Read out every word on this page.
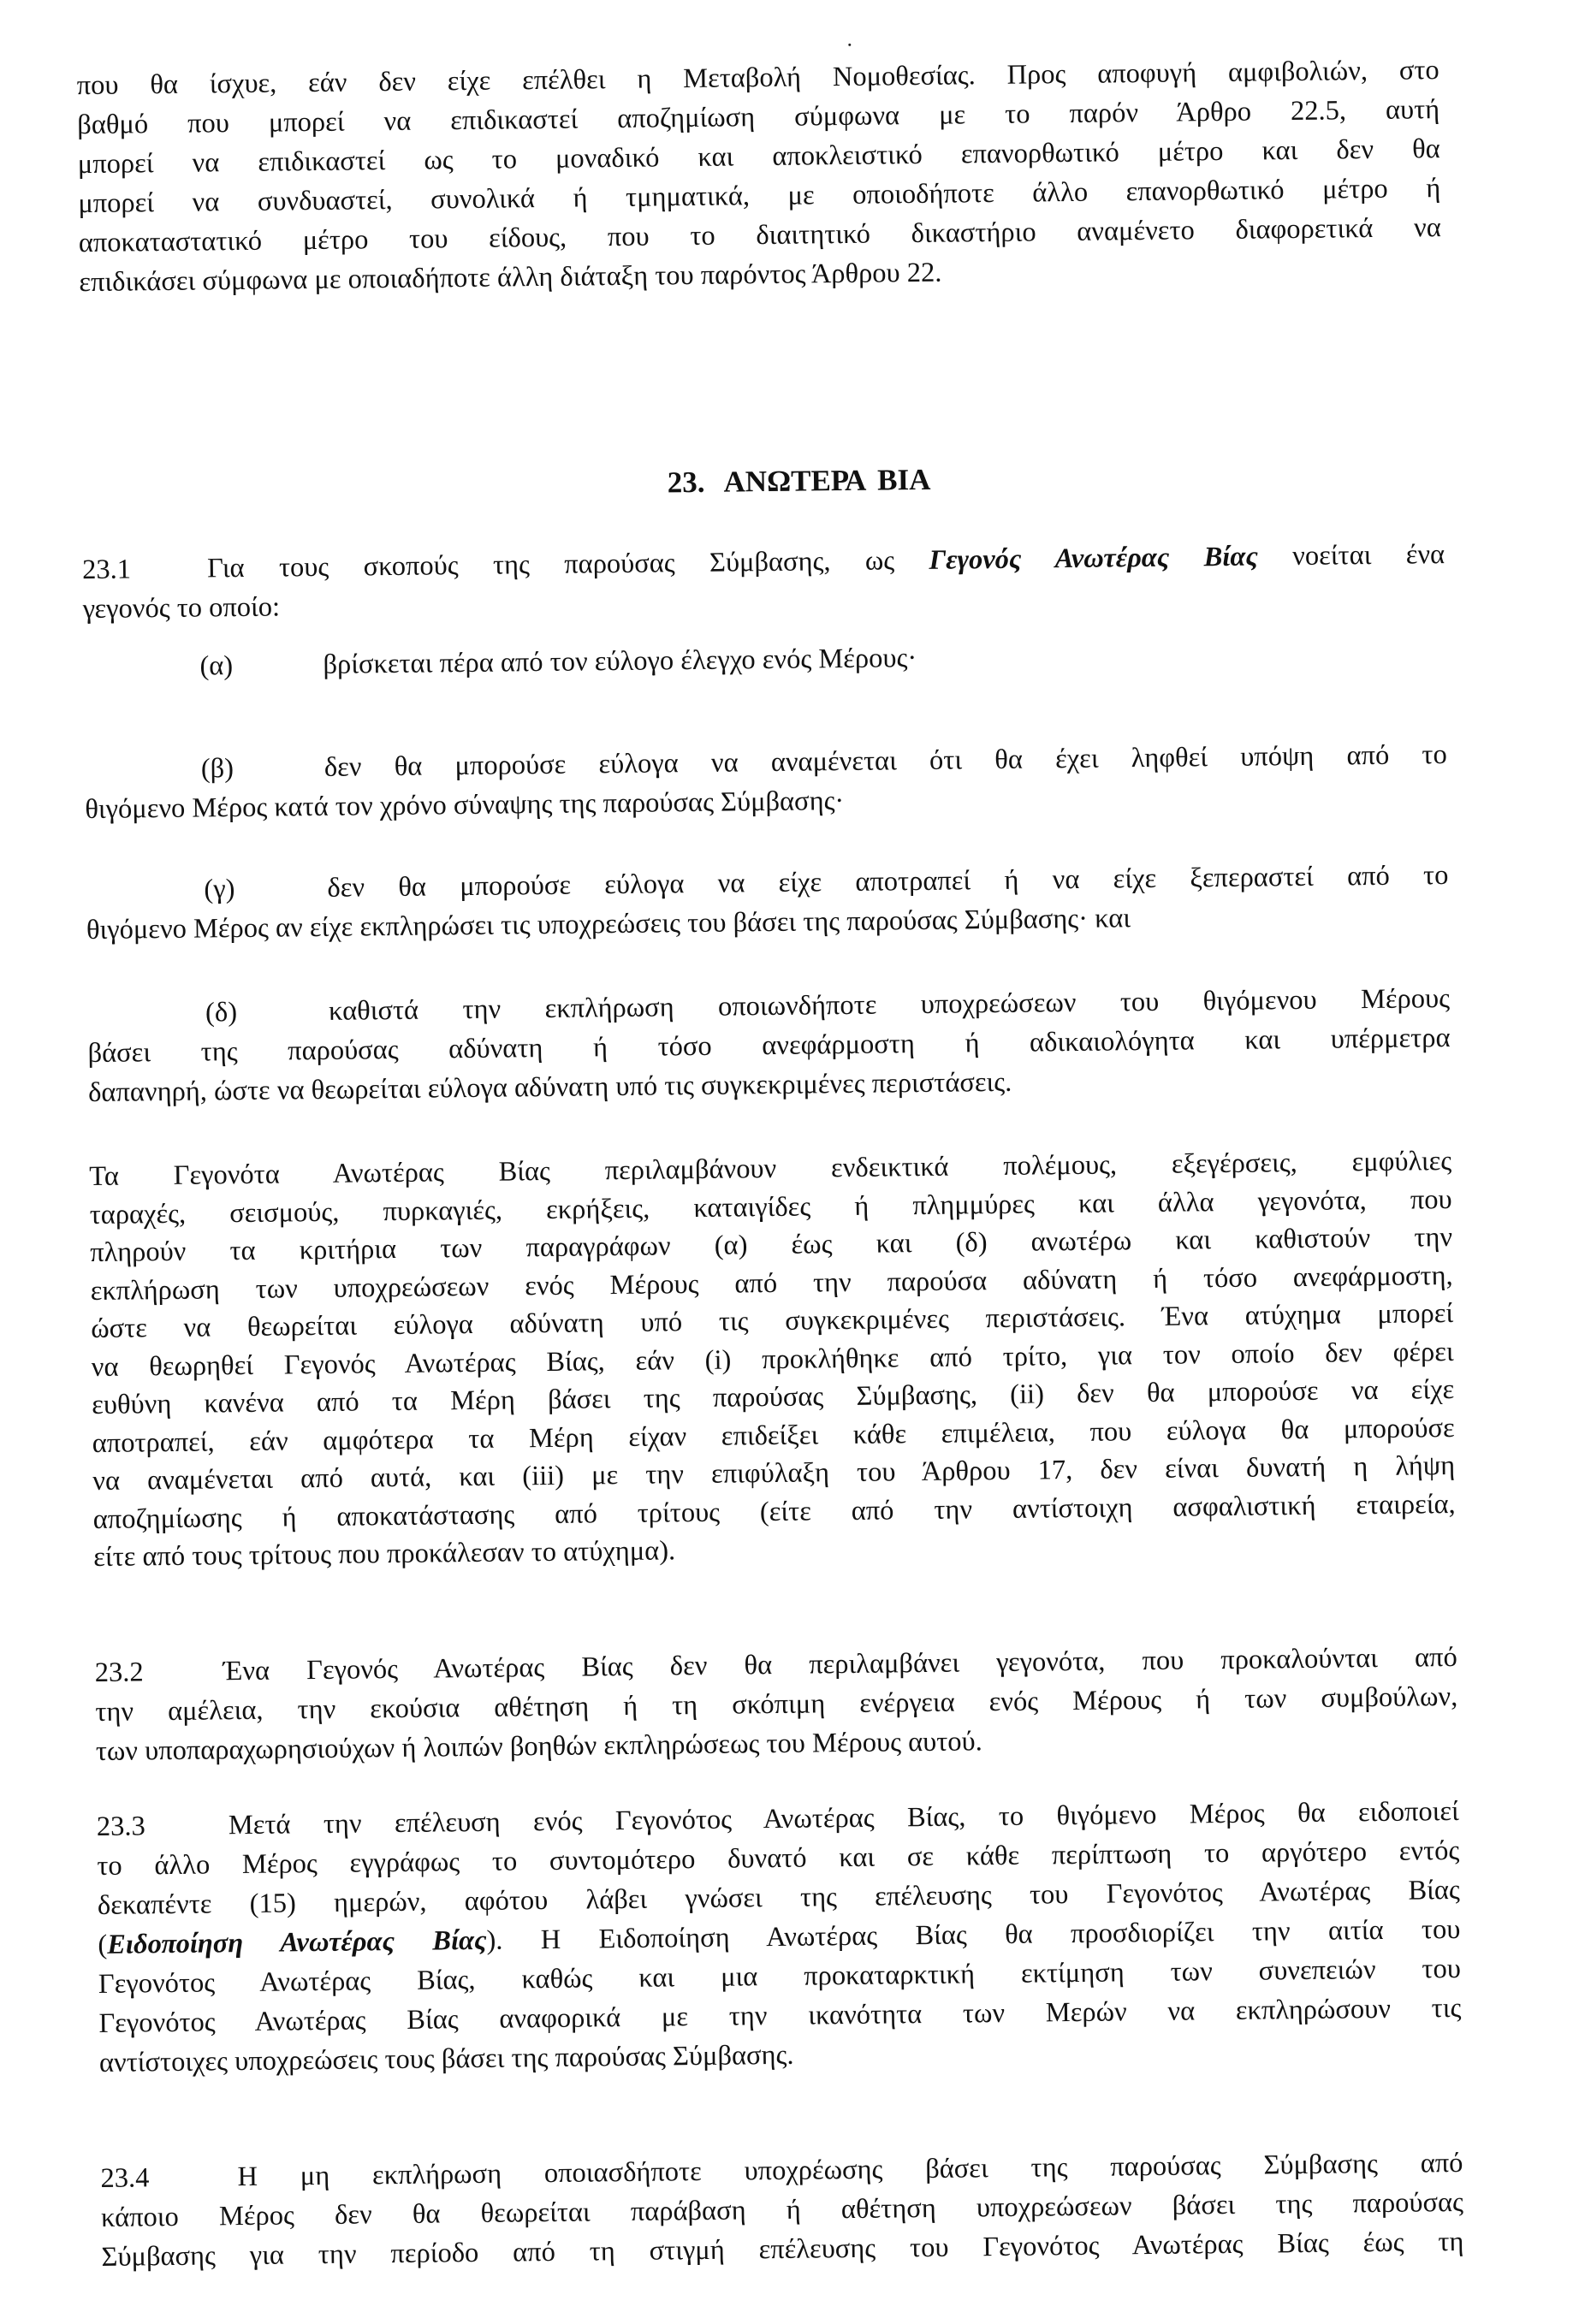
που θα ίσχυε, εάν δεν είχε επέλθει η Μεταβολή Νομοθεσίας. Προς αποφυγή αμφιβολιών, στο
βαθμό που μπορεί να επιδικαστεί αποζημίωση σύμφωνα με το παρόν Άρθρο 22.5, αυτή
μπορεί να επιδικαστεί ως το μοναδικό και αποκλειστικό επανορθωτικό μέτρο και δεν θα
μπορεί να συνδυαστεί, συνολικά ή τμηματικά, με οποιοδήποτε άλλο επανορθωτικό μέτρο ή
αποκαταστατικό μέτρο του είδους, που το διαιτητικό δικαστήριο αναμένετο διαφορετικά να
επιδικάσει σύμφωνα με οποιαδήποτε άλλη διάταξη του παρόντος Άρθρου 22.
23. ΑΝΩΤΕΡΑ ΒΙΑ
23.1	Για τους σκοπούς της παρούσας Σύμβασης, ως Γεγονός Ανωτέρας Βίας νοείται ένα
γεγονός το οποίο:
(α)	βρίσκεται πέρα από τον εύλογο έλεγχο ενός Μέρους·
(β)	δεν θα μπορούσε εύλογα να αναμένεται ότι θα έχει ληφθεί υπόψη από το
θιγόμενο Μέρος κατά τον χρόνο σύναψης της παρούσας Σύμβασης·
(γ)	δεν θα μπορούσε εύλογα να είχε αποτραπεί ή να είχε ξεπεραστεί από το
θιγόμενο Μέρος αν είχε εκπληρώσει τις υποχρεώσεις του βάσει της παρούσας Σύμβασης· και
(δ)	καθιστά την εκπλήρωση οποιωνδήποτε υποχρεώσεων του θιγόμενου Μέρους
βάσει της παρούσας αδύνατη ή τόσο ανεφάρμοστη ή αδικαιολόγητα και υπέρμετρα
δαπανηρή, ώστε να θεωρείται εύλογα αδύνατη υπό τις συγκεκριμένες περιστάσεις.
Τα Γεγονότα Ανωτέρας Βίας περιλαμβάνουν ενδεικτικά πολέμους, εξεγέρσεις, εμφύλιες
ταραχές, σεισμούς, πυρκαγιές, εκρήξεις, καταιγίδες ή πλημμύρες και άλλα γεγονότα, που
πληρούν τα κριτήρια των παραγράφων (α) έως και (δ) ανωτέρω και καθιστούν την
εκπλήρωση των υποχρεώσεων ενός Μέρους από την παρούσα αδύνατη ή τόσο ανεφάρμοστη,
ώστε να θεωρείται εύλογα αδύνατη υπό τις συγκεκριμένες περιστάσεις. Ένα ατύχημα μπορεί
να θεωρηθεί Γεγονός Ανωτέρας Βίας, εάν (i) προκλήθηκε από τρίτο, για τον οποίο δεν φέρει
ευθύνη κανένα από τα Μέρη βάσει της παρούσας Σύμβασης, (ii) δεν θα μπορούσε να είχε
αποτραπεί, εάν αμφότερα τα Μέρη είχαν επιδείξει κάθε επιμέλεια, που εύλογα θα μπορούσε
να αναμένεται από αυτά, και (iii) με την επιφύλαξη του Άρθρου 17, δεν είναι δυνατή η λήψη
αποζημίωσης ή αποκατάστασης από τρίτους (είτε από την αντίστοιχη ασφαλιστική εταιρεία,
είτε από τους τρίτους που προκάλεσαν το ατύχημα).
23.2	Ένα Γεγονός Ανωτέρας Βίας δεν θα περιλαμβάνει γεγονότα, που προκαλούνται από
την αμέλεια, την εκούσια αθέτηση ή τη σκόπιμη ενέργεια ενός Μέρους ή των συμβούλων,
των υποπαραχωρησιούχων ή λοιπών βοηθών εκπληρώσεως του Μέρους αυτού.
23.3	Μετά την επέλευση ενός Γεγονότος Ανωτέρας Βίας, το θιγόμενο Μέρος θα ειδοποιεί
το άλλο Μέρος εγγράφως το συντομότερο δυνατό και σε κάθε περίπτωση το αργότερο εντός
δεκαπέντε (15) ημερών, αφότου λάβει γνώσει της επέλευσης του Γεγονότος Ανωτέρας Βίας
(Ειδοποίηση Ανωτέρας Βίας). Η Ειδοποίηση Ανωτέρας Βίας θα προσδιορίζει την αιτία του
Γεγονότος Ανωτέρας Βίας, καθώς και μια προκαταρκτική εκτίμηση των συνεπειών του
Γεγονότος Ανωτέρας Βίας αναφορικά με την ικανότητα των Μερών να εκπληρώσουν τις
αντίστοιχες υποχρεώσεις τους βάσει της παρούσας Σύμβασης.
23.4	Η μη εκπλήρωση οποιασδήποτε υποχρέωσης βάσει της παρούσας Σύμβασης από
κάποιο Μέρος δεν θα θεωρείται παράβαση ή αθέτηση υποχρεώσεων βάσει της παρούσας
Σύμβασης για την περίοδο από τη στιγμή επέλευσης του Γεγονότος Ανωτέρας Βίας έως τη
